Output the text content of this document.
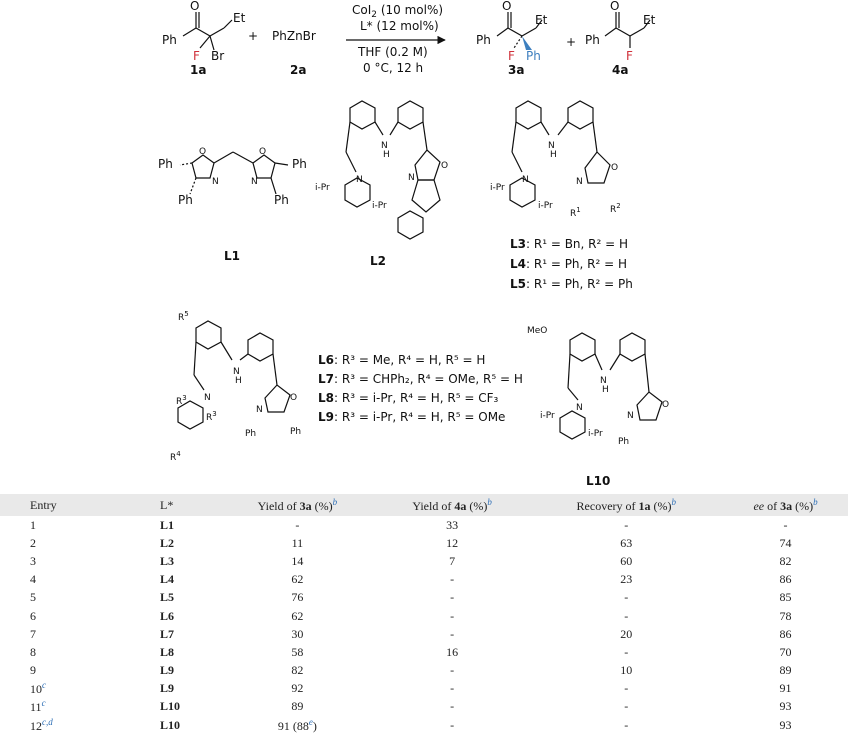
O
Ph
Et
F Br
1a
+ PhZnBr
2a
CoI$_2$ (10 mol%)
L* (12 mol%)
THF (0.2 M)
0 °C, 12 h
O
Ph
Et
F Ph
3a
+
O
Ph
Et
F
4a
O
N
O
N
Ph
Ph
Ph
Ph
L1
N
H
N
i-Pr
i-Pr
N
O
L2
N
H
N
i-Pr
i-Pr
N
O
$R^1$	$R^2$
L3: R¹ = Bn, R² = H
L4: R¹ = Ph, R² = H
L5: R¹ = Ph, R² = Ph
$R^5$
N
H
N
$R^3$
$R^3$
$R^4$
N
O
Ph	Ph
L6: R³ = Me, R⁴ = H, R⁵ = H
L7: R³ = CHPh₂, R⁴ = OMe, R⁵ = H
L8: R³ = i-Pr, R⁴ = H, R⁵ = CF₃
L9: R³ = i-Pr, R⁴ = H, R⁵ = OMe
MeO
N
H
N
i-Pr
i-Pr
N
O
Ph
L10
Entry	L*	Yield of 3a (%)$^b$	Yield of 4a (%)$^b$	Recovery of 1a (%)$^b$	ee of 3a (%)$^b$
1	L1	-	33	-	-
2	L2	11	12	63	74
3	L3	14	7	60	82
4	L4	62	-	23	86
5	L5	76	-	-	85
6	L6	62	-	-	78
7	L7	30	-	20	86
8	L8	58	16	-	70
9	L9	82	-	10	89
10$^c$	L9	92	-	-	91
11$^c$	L10	89	-	-	93
12$^{c,d}$	L10	91 (88e)	-	-	93
